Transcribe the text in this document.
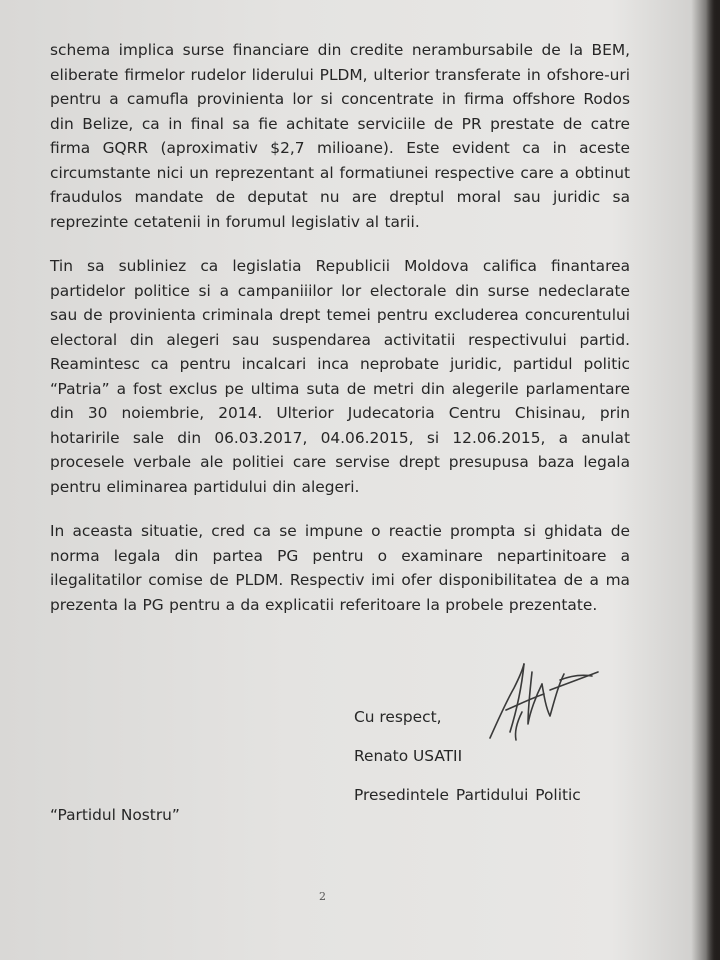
schema implica surse financiare din credite nerambursabile de la BEM, eliberate firmelor rudelor liderului PLDM, ulterior transferate in ofshore-uri pentru a camufla provinienta lor si concentrate in firma offshore Rodos din Belize, ca in final sa fie achitate serviciile de PR prestate de catre firma GQRR (aproximativ $2,7 milioane). Este evident ca in aceste circumstante nici un reprezentant al formatiunei respective care a obtinut fraudulos mandate de deputat nu are dreptul moral sau juridic sa reprezinte cetatenii in forumul legislativ al tarii.

Tin sa subliniez ca legislatia Republicii Moldova califica finantarea partidelor politice si a campaniiilor lor electorale din surse nedeclarate sau de provinienta criminala drept temei pentru excluderea concurentului electoral din alegeri sau suspendarea activitatii respectivului partid. Reamintesc ca pentru incalcari inca neprobate juridic, partidul politic “Patria” a fost exclus pe ultima suta de metri din alegerile parlamentare din 30 noiembrie, 2014. Ulterior Judecatoria Centru Chisinau, prin hotaririle sale din 06.03.2017, 04.06.2015, si 12.06.2015, a anulat procesele verbale ale politiei care servise drept presupusa baza legala pentru eliminarea partidului din alegeri.

In aceasta situatie, cred ca se impune o reactie prompta si ghidata de norma legala din partea PG pentru o examinare nepartinitoare a ilegalitatilor comise de PLDM. Respectiv imi ofer disponibilitatea de a ma prezenta la PG pentru a da explicatii referitoare la probele prezentate.

Cu respect,
Renato USATII
Presedintele Partidului Politic
“Partidul Nostru”
2
